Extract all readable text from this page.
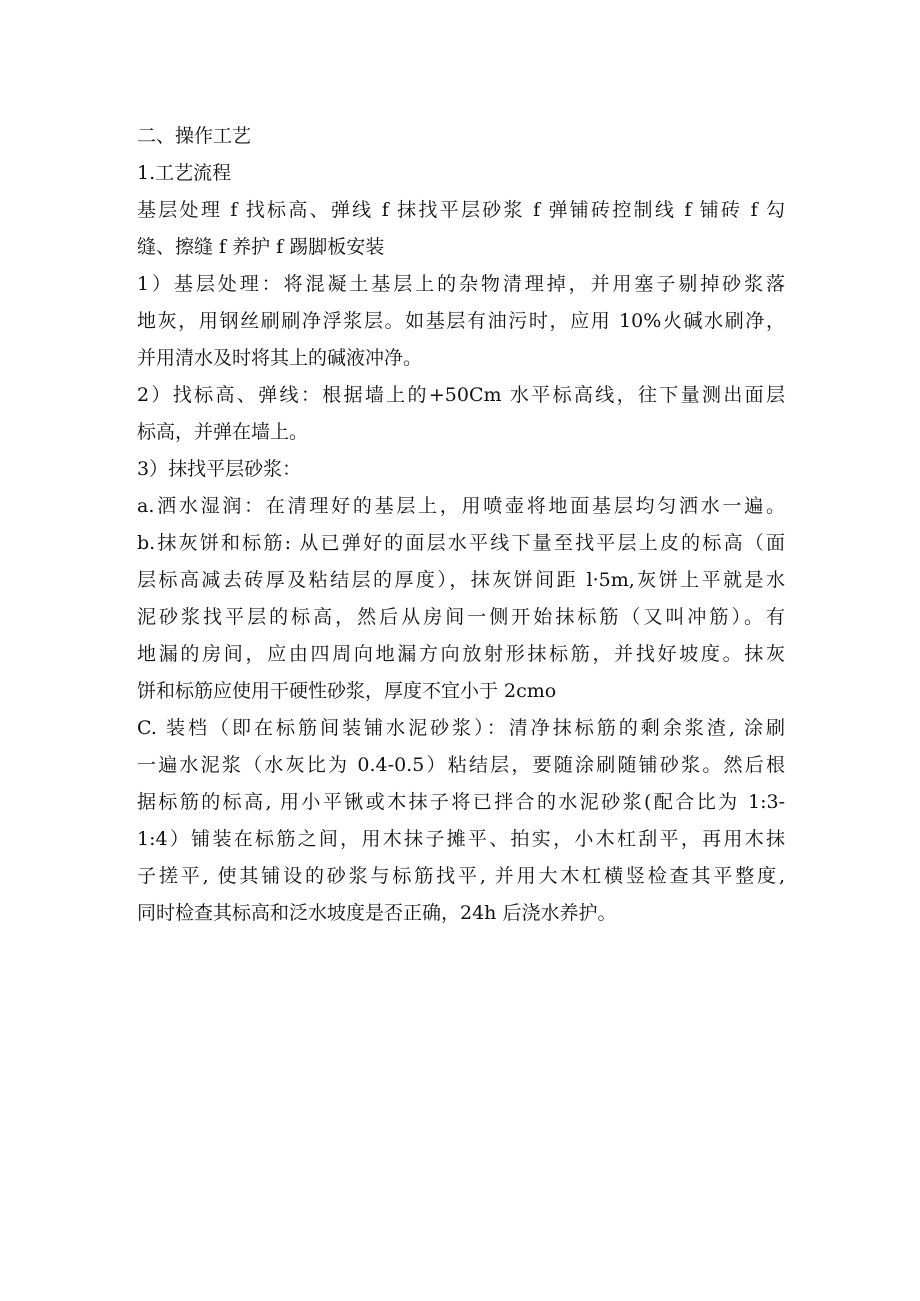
二、操作工艺
1.工艺流程
基层处理 f 找标高、弹线 f 抹找平层砂浆 f 弹铺砖控制线 f 铺砖 f 勾
缝、擦缝 f 养护 f 踢脚板安装
1）基层处理：将混凝土基层上的杂物清理掉，并用塞子剔掉砂浆落
地灰，用钢丝刷刷净浮浆层。如基层有油污时，应用 10%火碱水刷净，
并用清水及时将其上的碱液冲净。
2）找标高、弹线：根据墙上的+50Cm 水平标高线，往下量测出面层
标高，并弹在墙上。
3）抹找平层砂浆：
a.洒水湿润：在清理好的基层上，用喷壶将地面基层均匀洒水一遍。
b.抹灰饼和标筋: 从已弹好的面层水平线下量至找平层上皮的标高（面
层标高减去砖厚及粘结层的厚度），抹灰饼间距 l·5m,灰饼上平就是水
泥砂浆找平层的标高，然后从房间一侧开始抹标筋（又叫冲筋）。有
地漏的房间，应由四周向地漏方向放射形抹标筋，并找好坡度。抹灰
饼和标筋应使用干硬性砂浆，厚度不宜小于 2cmo
C. 装档（即在标筋间装铺水泥砂浆）：清净抹标筋的剩余浆渣, 涂刷
一遍水泥浆（水灰比为 0.4-0.5）粘结层，要随涂刷随铺砂浆。然后根
据标筋的标高, 用小平锹或木抹子将已拌合的水泥砂浆(配合比为 1:3-
1:4）铺装在标筋之间，用木抹子摊平、拍实，小木杠刮平，再用木抹
子搓平, 使其铺设的砂浆与标筋找平, 并用大木杠横竖检查其平整度,
同时检查其标高和泛水坡度是否正确，24h 后浇水养护。
